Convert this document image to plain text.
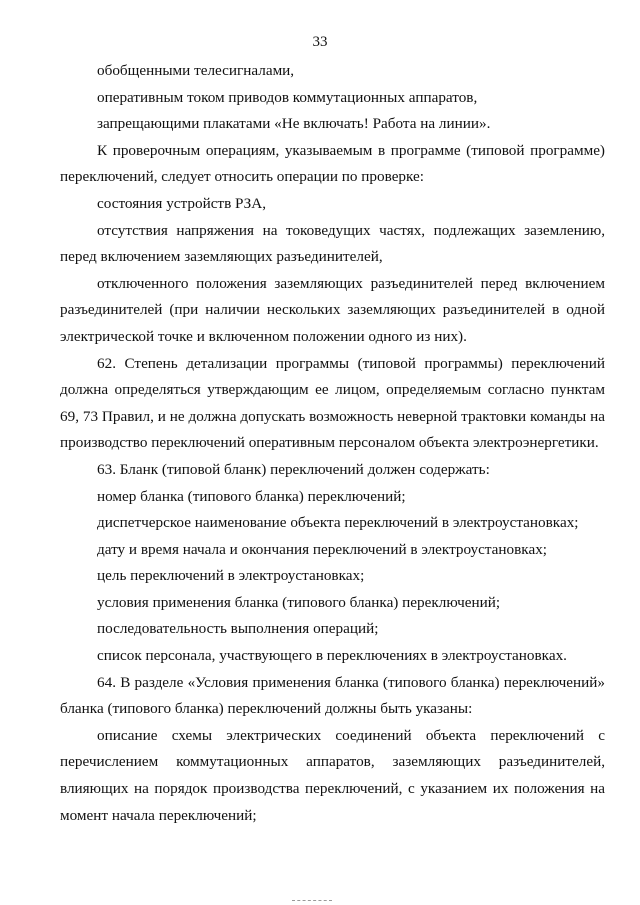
33

обобщенными телесигналами,

оперативным током приводов коммутационных аппаратов,

запрещающими плакатами «Не включать! Работа на линии».

К проверочным операциям, указываемым в программе (типовой программе) переключений, следует относить операции по проверке:

состояния устройств РЗА,

отсутствия напряжения на токоведущих частях, подлежащих заземлению, перед включением заземляющих разъединителей,

отключенного положения заземляющих разъединителей перед включением разъединителей (при наличии нескольких заземляющих разъединителей в одной электрической точке и включенном положении одного из них).

62. Степень детализации программы (типовой программы) переключений должна определяться утверждающим ее лицом, определяемым согласно пунктам 69, 73 Правил, и не должна допускать возможность неверной трактовки команды на производство переключений оперативным персоналом объекта электроэнергетики.

63. Бланк (типовой бланк) переключений должен содержать:

номер бланка (типового бланка) переключений;

диспетчерское наименование объекта переключений в электроустановках;

дату и время начала и окончания переключений в электроустановках;

цель переключений в электроустановках;

условия применения бланка (типового бланка) переключений;

последовательность выполнения операций;

список персонала, участвующего в переключениях в электроустановках.

64. В разделе «Условия применения бланка (типового бланка) переключений» бланка (типового бланка) переключений должны быть указаны:

описание схемы электрических соединений объекта переключений с перечислением коммутационных аппаратов, заземляющих разъединителей, влияющих на порядок производства переключений, с указанием их положения на момент начала переключений;
